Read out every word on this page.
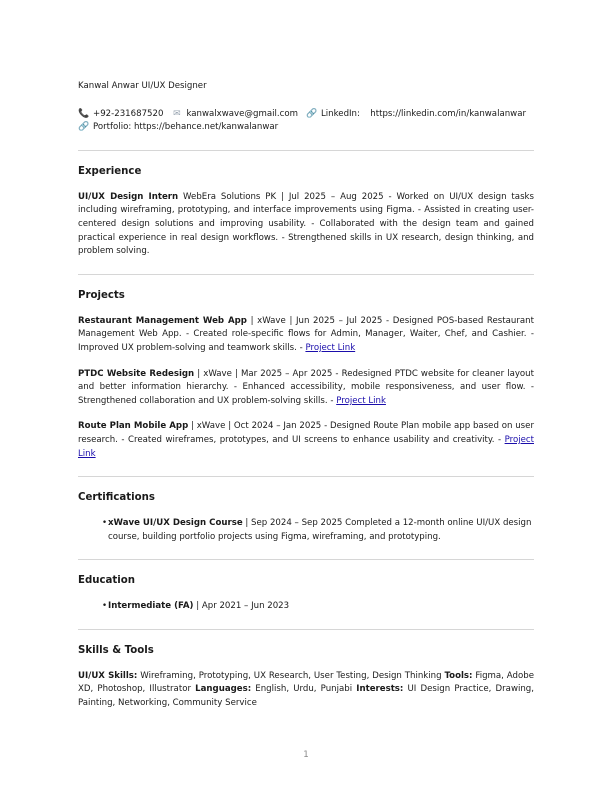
Kanwal Anwar UI/UX Designer
📞 +92-231687520 ✉ kanwalxwave@gmail.com 🔗 LinkedIn: https://linkedin.com/in/kanwalanwar🔗 Portfolio: https://behance.net/kanwalanwar
Experience

UI/UX Design Intern WebEra Solutions PK | Jul 2025 – Aug 2025 - Worked on UI/UX design tasks including wireframing, prototyping, and interface improvements using Figma. - Assisted in creating user-centered design solutions and improving usability. - Collaborated with the design team and gained practical experience in real design workflows. - Strengthened skills in UX research, design thinking, and problem solving.

Projects

Restaurant Management Web App | xWave | Jun 2025 – Jul 2025 - Designed POS-based Restaurant Management Web App. - Created role-specific flows for Admin, Manager, Waiter, Chef, and Cashier. - Improved UX problem-solving and teamwork skills. - Project Link

PTDC Website Redesign | xWave | Mar 2025 – Apr 2025 - Redesigned PTDC website for cleaner layout and better information hierarchy. - Enhanced accessibility, mobile responsiveness, and user flow. - Strengthened collaboration and UX problem-solving skills. - Project Link

Route Plan Mobile App | xWave | Oct 2024 – Jan 2025 - Designed Route Plan mobile app based on user research. - Created wireframes, prototypes, and UI screens to enhance usability and creativity. - Project Link

Certifications
• xWave UI/UX Design Course | Sep 2024 – Sep 2025 Completed a 12-month online UI/UX design course, building portfolio projects using Figma, wireframing, and prototyping.
Education
• Intermediate (FA) | Apr 2021 – Jun 2023
Skills & Tools

UI/UX Skills: Wireframing, Prototyping, UX Research, User Testing, Design Thinking Tools: Figma, Adobe XD, Photoshop, Illustrator Languages: English, Urdu, Punjabi Interests: UI Design Practice, Drawing, Painting, Networking, Community Service

1
